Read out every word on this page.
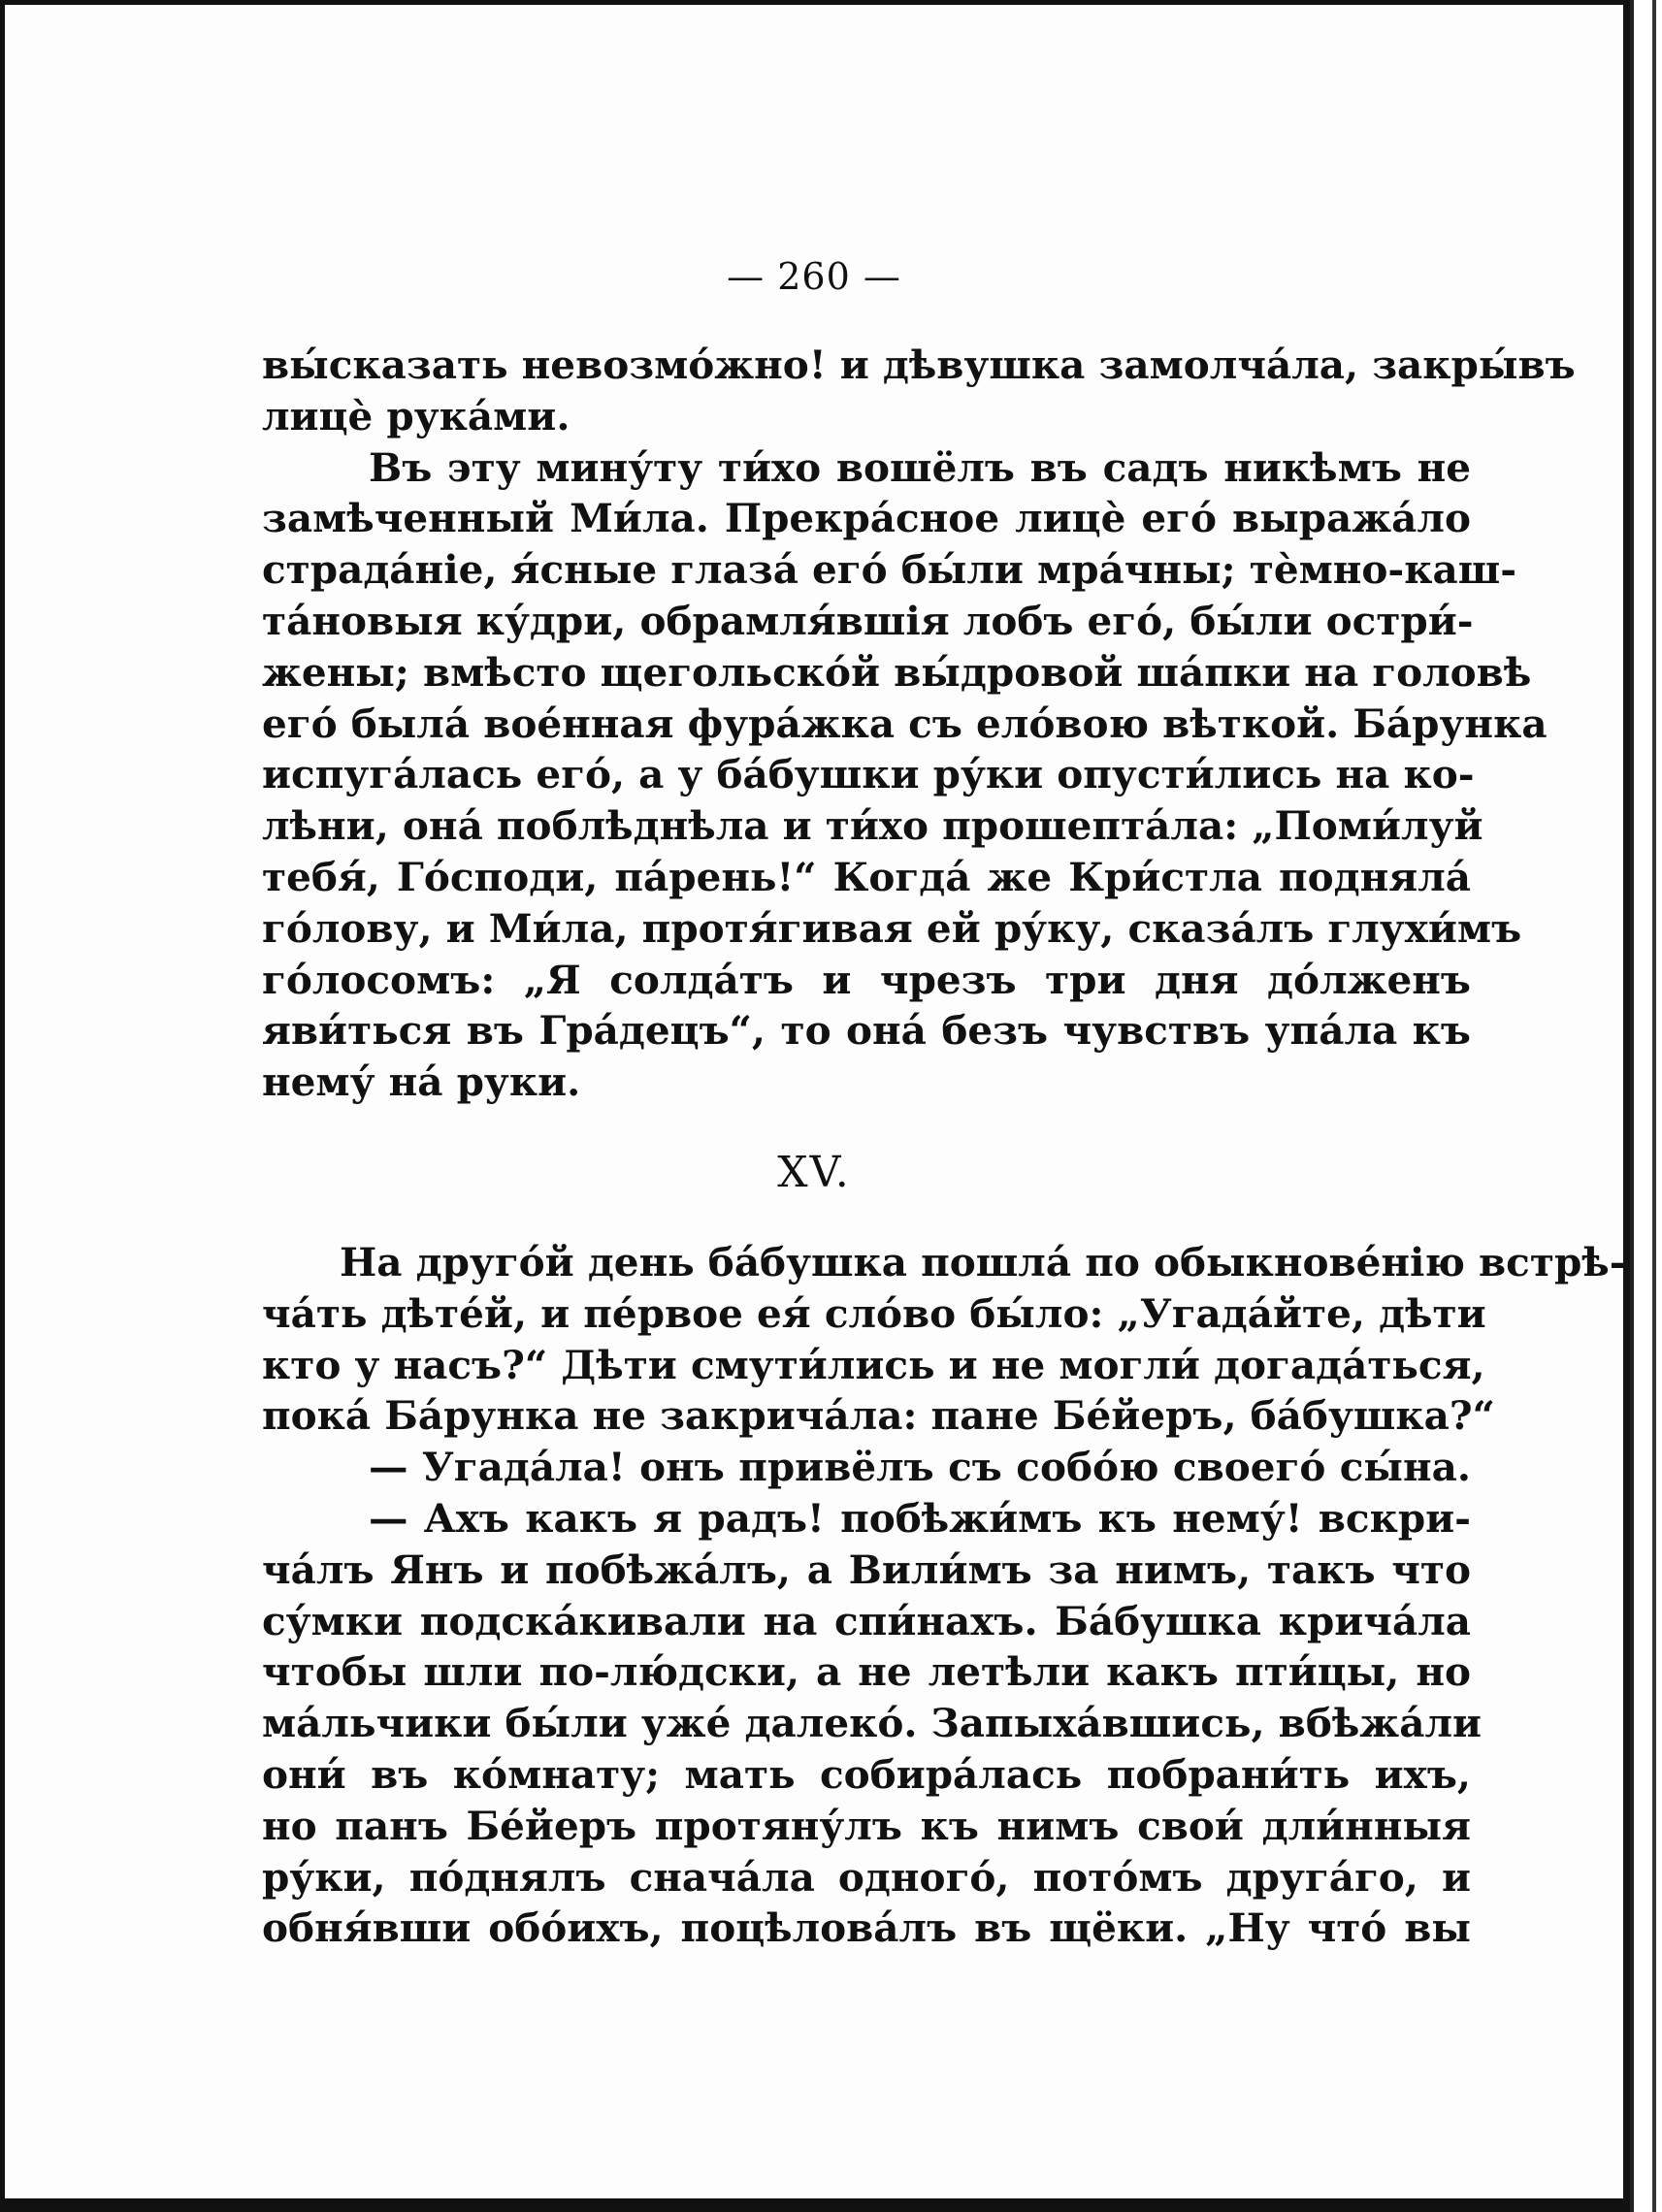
— 260 —
вы́сказать невозмо́жно! и дѣвушка замолча́ла, закры́въ
лицѐ рука́ми.
Въ эту мину́ту ти́хо вошёлъ въ садъ никѣмъ не
замѣченный Ми́ла. Прекра́сное лицѐ его́ выража́ло
страда́ніе, я́сные глаза́ его́ бы́ли мра́чны; тѐмно-каш-
та́новыя ку́дри, обрамля́вшія лобъ его́, бы́ли остри́-
жены; вмѣсто щегольско́й вы́дровой ша́пки на головѣ
его́ была́ вое́нная фура́жка съ ело́вою вѣткой. Ба́рунка
испуга́лась его́, а у ба́бушки ру́ки опусти́лись на ко-
лѣни, она́ поблѣднѣла и ти́хо прошепта́ла: „Поми́луй
тебя́, Го́споди, па́рень!“ Когда́ же Кри́стла подняла́
го́лову, и Ми́ла, протя́гивая ей ру́ку, сказа́лъ глухи́мъ
го́лосомъ: „Я солда́тъ и чрезъ три дня до́лженъ
яви́ться въ Гра́децъ“, то она́ безъ чувствъ упа́ла къ
нему́ на́ руки.
XV.
На друго́й день ба́бушка пошла́ по обыкнове́нію встрѣ-
ча́ть дѣте́й, и пе́рвое ея́ сло́во бы́ло: „Угада́йте, дѣти
кто у насъ?“ Дѣти смути́лись и не могли́ догада́ться,
пока́ Ба́рунка не закрича́ла: пане Бе́йеръ, ба́бушка?“
— Угада́ла! онъ привёлъ съ собо́ю своего́ сы́на.
— Ахъ какъ я радъ! побѣжи́мъ къ нему́! вскри-
ча́лъ Янъ и побѣжа́лъ, а Вили́мъ за нимъ, такъ что
су́мки подска́кивали на спи́нахъ. Ба́бушка крича́ла
чтобы шли по-лю́дски, а не летѣли какъ пти́цы, но
ма́льчики бы́ли уже́ далеко́. Запыха́вшись, вбѣжа́ли
они́ въ ко́мнату; мать собира́лась побрани́ть ихъ,
но панъ Бе́йеръ протяну́лъ къ нимъ свои́ дли́нныя
ру́ки, по́днялъ снача́ла одного́, пото́мъ друга́го, и
обня́вши обо́ихъ, поцѣлова́лъ въ щёки. „Ну что́ вы
